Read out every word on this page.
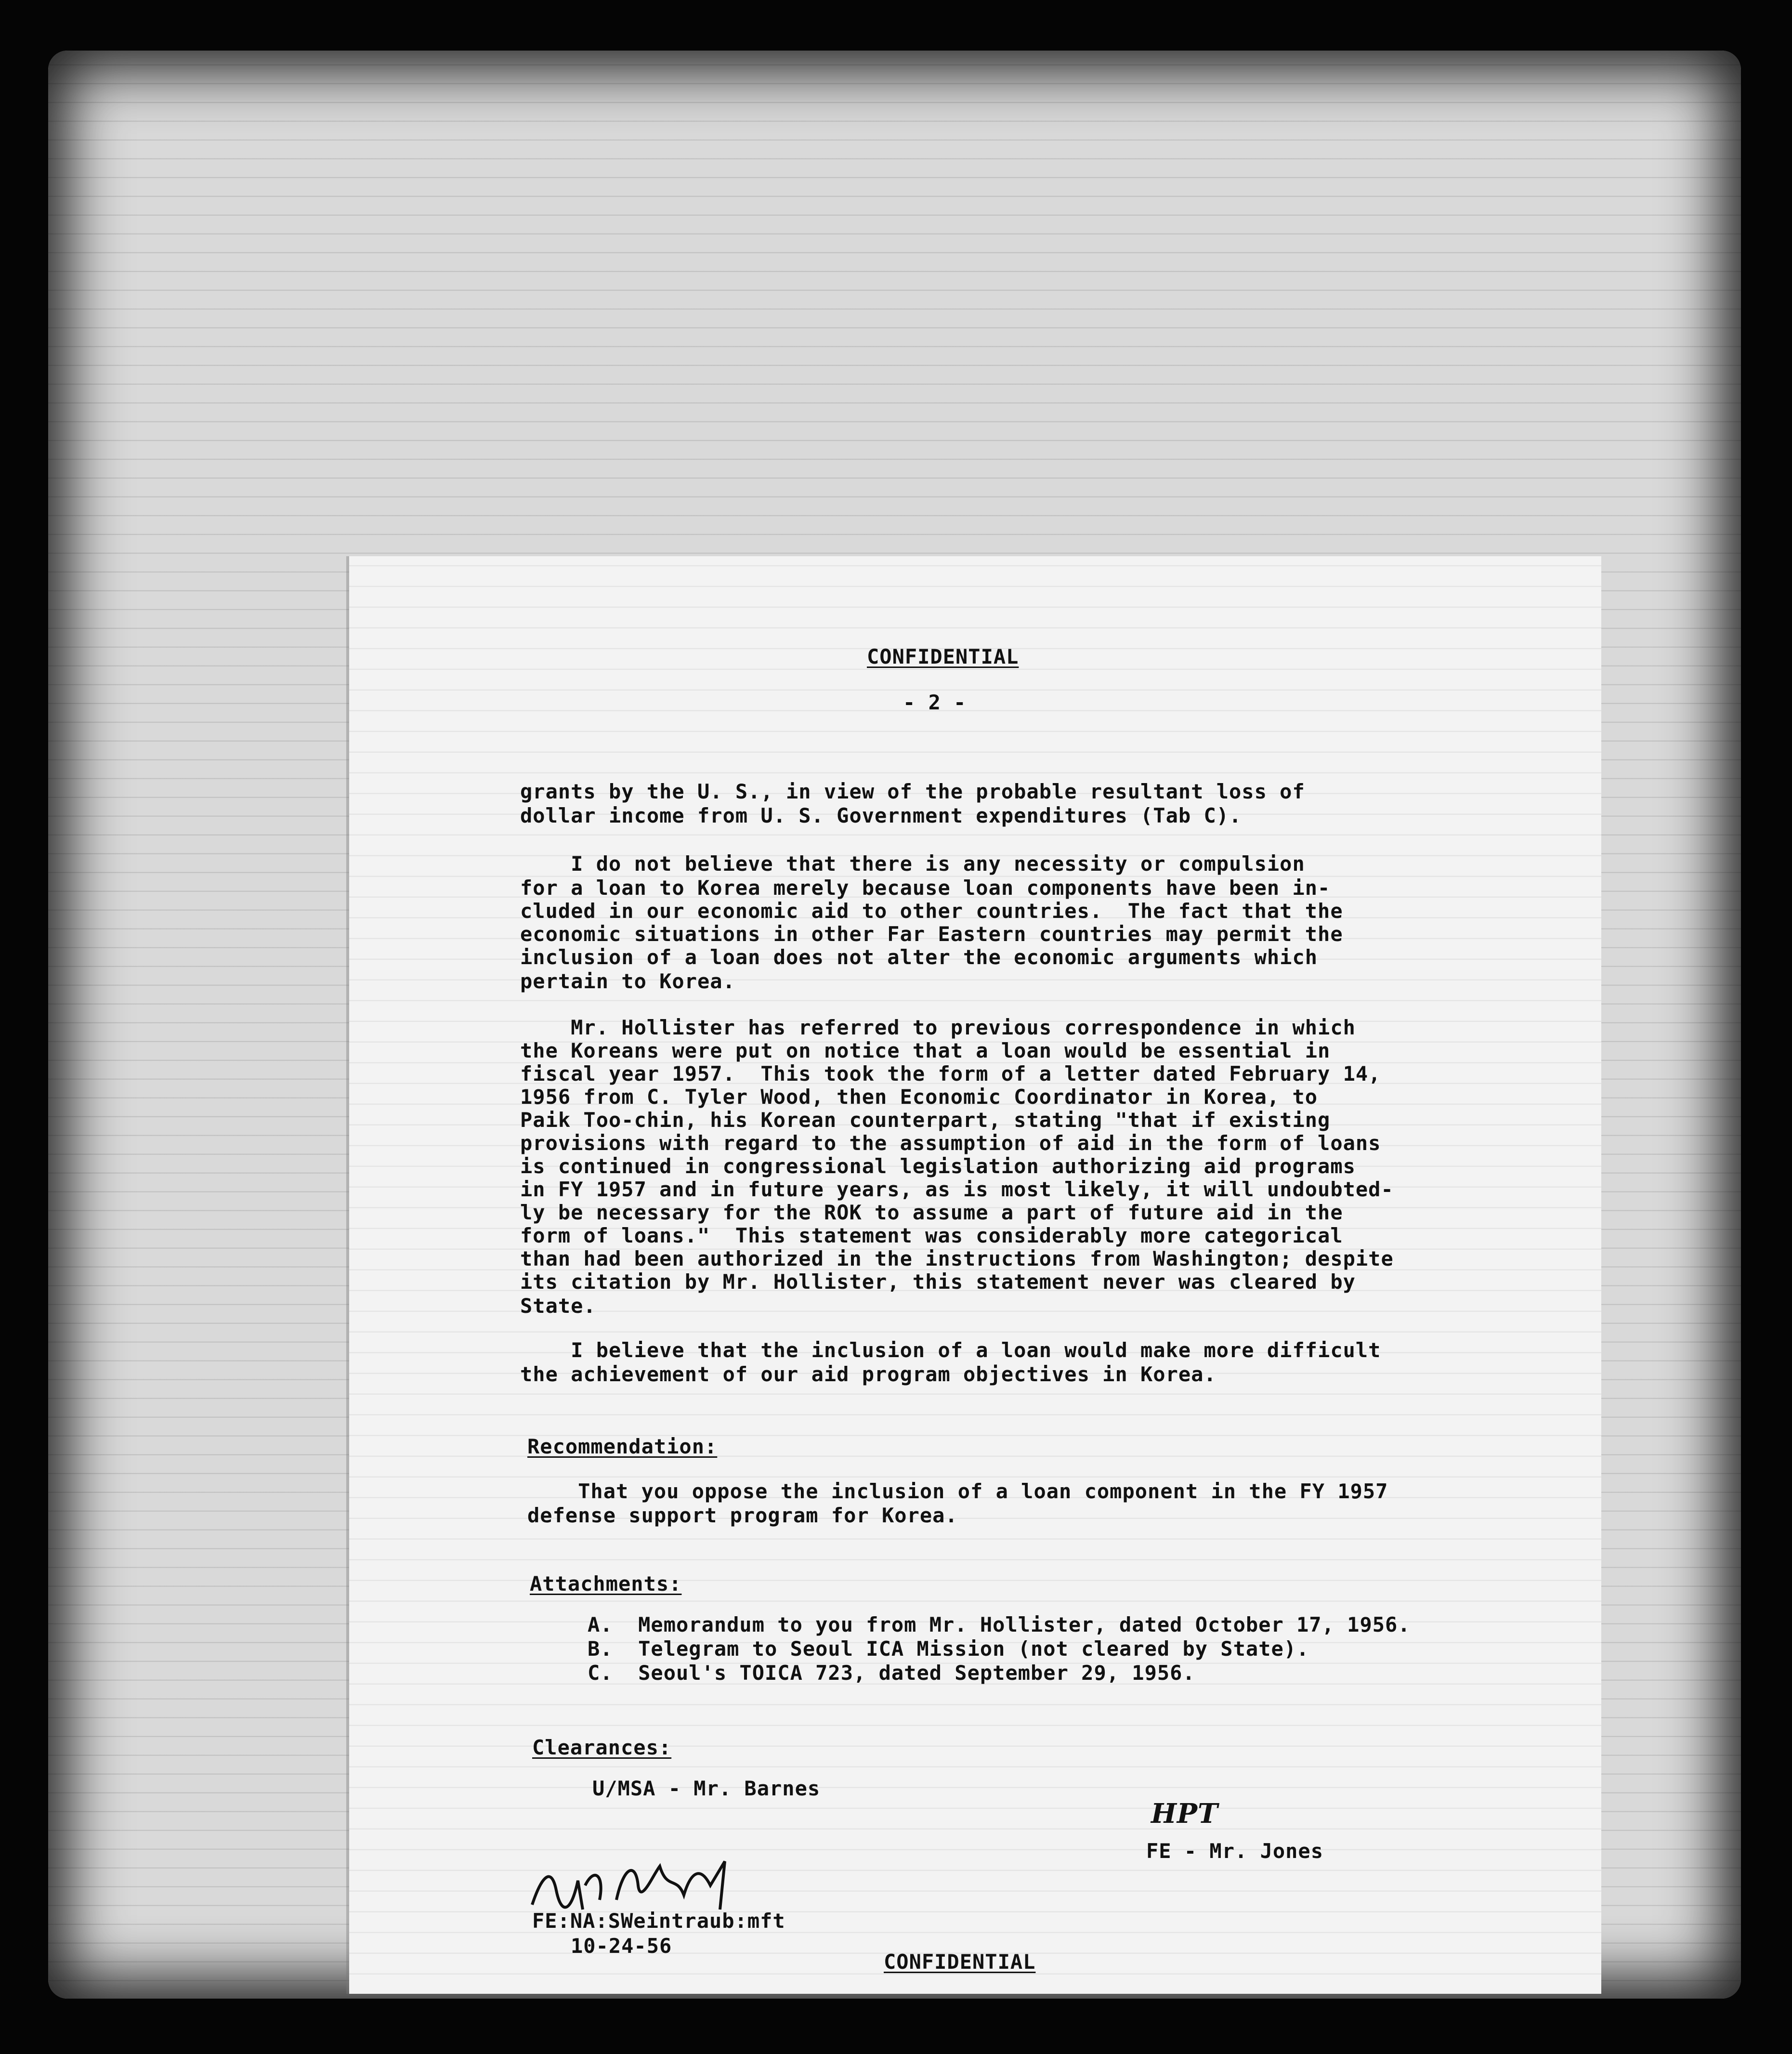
CONFIDENTIAL
- 2 -
grants by the U. S., in view of the probable resultant loss of
dollar income from U. S. Government expenditures (Tab C).
I do not believe that there is any necessity or compulsion
for a loan to Korea merely because loan components have been in-
cluded in our economic aid to other countries.  The fact that the
economic situations in other Far Eastern countries may permit the
inclusion of a loan does not alter the economic arguments which
pertain to Korea.
Mr. Hollister has referred to previous correspondence in which
the Koreans were put on notice that a loan would be essential in
fiscal year 1957.  This took the form of a letter dated February 14,
1956 from C. Tyler Wood, then Economic Coordinator in Korea, to
Paik Too-chin, his Korean counterpart, stating "that if existing
provisions with regard to the assumption of aid in the form of loans
is continued in congressional legislation authorizing aid programs
in FY 1957 and in future years, as is most likely, it will undoubted-
ly be necessary for the ROK to assume a part of future aid in the
form of loans."  This statement was considerably more categorical
than had been authorized in the instructions from Washington; despite
its citation by Mr. Hollister, this statement never was cleared by
State.
I believe that the inclusion of a loan would make more difficult
the achievement of our aid program objectives in Korea.
Recommendation:
That you oppose the inclusion of a loan component in the FY 1957
defense support program for Korea.
Attachments:
A.  Memorandum to you from Mr. Hollister, dated October 17, 1956.
B.  Telegram to Seoul ICA Mission (not cleared by State).
C.  Seoul's TOICA 723, dated September 29, 1956.
Clearances:
U/MSA - Mr. Barnes
HPT
FE - Mr. Jones
FE:NA:SWeintraub:mft
10-24-56
CONFIDENTIAL
